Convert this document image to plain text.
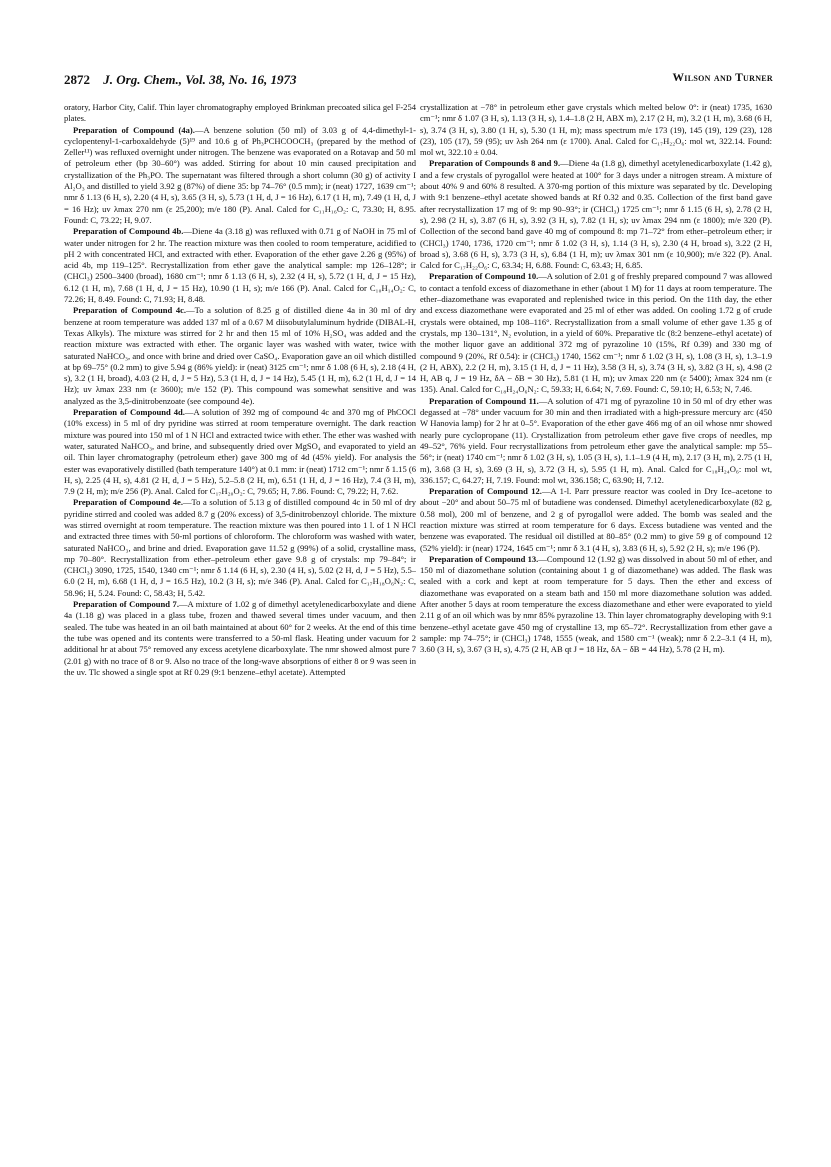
2872 J. Org. Chem., Vol. 38, No. 16, 1973	Wilson and Turner

oratory, Harbor City, Calif. Thin layer chromatography employed Brinkman precoated silica gel F-254 plates.

Preparation of Compound (4a).—A benzene solution (50 ml) of 3.03 g of 4,4-dimethyl-1-cyclopentenyl-1-carboxaldehyde (5)¹⁹ and 10.6 g of Ph₃PCHCOOCH₃ (prepared by the method of Zeller¹¹) was refluxed overnight under nitrogen. The benzene was evaporated on a Rotavap and 50 ml of petroleum ether (bp 30–60°) was added. Stirring for about 10 min caused precipitation and crystallization of the Ph₃PO. The supernatant was filtered through a short column (30 g) of activity I Al₂O₃ and distilled to yield 3.92 g (87%) of diene 35: bp 74–76° (0.5 mm); ir (neat) 1727, 1639 cm⁻¹; nmr δ 1.13 (6 H, s), 2.20 (4 H, s), 3.65 (3 H, s), 5.73 (1 H, d, J = 16 Hz), 6.17 (1 H, m), 7.49 (1 H, d, J = 16 Hz); uv λmax 270 nm (ε 25,200); m/e 180 (P). Anal. Calcd for C₁₁H₁₆O₂: C, 73.30; H, 8.95. Found: C, 73.22; H, 9.07.

Preparation of Compound 4b.—Diene 4a (3.18 g) was refluxed with 0.71 g of NaOH in 75 ml of water under nitrogen for 2 hr. The reaction mixture was then cooled to room temperature, acidified to pH 2 with concentrated HCl, and extracted with ether. Evaporation of the ether gave 2.26 g (95%) of acid 4b, mp 119–125°. Recrystallization from ether gave the analytical sample: mp 126–128°; ir (CHCl₃) 2500–3400 (broad), 1680 cm⁻¹; nmr δ 1.13 (6 H, s), 2.32 (4 H, s), 5.72 (1 H, d, J = 15 Hz), 6.12 (1 H, m), 7.68 (1 H, d, J = 15 Hz), 10.90 (1 H, s); m/e 166 (P). Anal. Calcd for C₁₀H₁₄O₂: C, 72.26; H, 8.49. Found: C, 71.93; H, 8.48.

Preparation of Compound 4c.—To a solution of 8.25 g of distilled diene 4a in 30 ml of dry benzene at room temperature was added 137 ml of a 0.67 M diisobutylaluminum hydride (DIBAL-H, Texas Alkyls). The mixture was stirred for 2 hr and then 15 ml of 10% H₂SO₄ was added and the reaction mixture was extracted with ether. The organic layer was washed with water, twice with saturated NaHCO₃, and once with brine and dried over CaSO₄. Evaporation gave an oil which distilled at bp 69–75° (0.2 mm) to give 5.94 g (86% yield): ir (neat) 3125 cm⁻¹; nmr δ 1.08 (6 H, s), 2.18 (4 H, s), 3.2 (1 H, broad), 4.03 (2 H, d, J = 5 Hz), 5.3 (1 H, d, J = 14 Hz), 5.45 (1 H, m), 6.2 (1 H, d, J = 14 Hz); uv λmax 233 nm (ε 3600); m/e 152 (P). This compound was somewhat sensitive and was analyzed as the 3,5-dinitrobenzoate (see compound 4e).

Preparation of Compound 4d.—A solution of 392 mg of compound 4c and 370 mg of PhCOCl (10% excess) in 5 ml of dry pyridine was stirred at room temperature overnight. The dark reaction mixture was poured into 150 ml of 1 N HCl and extracted twice with ether. The ether was washed with water, saturated NaHCO₃, and brine, and subsequently dried over MgSO₄ and evaporated to yield an oil. Thin layer chromatography (petroleum ether) gave 300 mg of 4d (45% yield). For analysis the ester was evaporatively distilled (bath temperature 140°) at 0.1 mm: ir (neat) 1712 cm⁻¹; nmr δ 1.15 (6 H, s), 2.25 (4 H, s), 4.81 (2 H, d, J = 5 Hz), 5.2–5.8 (2 H, m), 6.51 (1 H, d, J = 16 Hz), 7.4 (3 H, m), 7.9 (2 H, m); m/e 256 (P). Anal. Calcd for C₁₇H₂₀O₂: C, 79.65; H, 7.86. Found: C, 79.22; H, 7.62.

Preparation of Compound 4e.—To a solution of 5.13 g of distilled compound 4c in 50 ml of dry pyridine stirred and cooled was added 8.7 g (20% excess) of 3,5-dinitrobenzoyl chloride. The mixture was stirred overnight at room temperature. The reaction mixture was then poured into 1 l. of 1 N HCl and extracted three times with 50-ml portions of chloroform. The chloroform was washed with water, saturated NaHCO₃, and brine and dried. Evaporation gave 11.52 g (99%) of a solid, crystalline mass, mp 70–80°. Recrystallization from ether–petroleum ether gave 9.8 g of crystals: mp 79–84°; ir (CHCl₃) 3090, 1725, 1540, 1340 cm⁻¹; nmr δ 1.14 (6 H, s), 2.30 (4 H, s), 5.02 (2 H, d, J = 5 Hz), 5.5–6.0 (2 H, m), 6.68 (1 H, d, J = 16.5 Hz), 10.2 (3 H, s); m/e 346 (P). Anal. Calcd for C₁₇H₁₈O₆N₂: C, 58.96; H, 5.24. Found: C, 58.43; H, 5.42.

Preparation of Compound 7.—A mixture of 1.02 g of dimethyl acetylenedicarboxylate and diene 4a (1.18 g) was placed in a glass tube, frozen and thawed several times under vacuum, and then sealed. The tube was heated in an oil bath maintained at about 60° for 2 weeks. At the end of this time the tube was opened and its contents were transferred to a 50-ml flask. Heating under vacuum for 2 additional hr at about 75° removed any excess acetylene dicarboxylate. The nmr showed almost pure 7 (2.01 g) with no trace of 8 or 9. Also no trace of the long-wave absorptions of either 8 or 9 was seen in the uv. Tlc showed a single spot at Rf 0.29 (9:1 benzene–ethyl acetate). Attempted

crystallization at −78° in petroleum ether gave crystals which melted below 0°: ir (neat) 1735, 1630 cm⁻¹; nmr δ 1.07 (3 H, s), 1.13 (3 H, s), 1.4–1.8 (2 H, ABX m), 2.17 (2 H, m), 3.2 (1 H, m), 3.68 (6 H, s), 3.74 (3 H, s), 3.80 (1 H, s), 5.30 (1 H, m); mass spectrum m/e 173 (19), 145 (19), 129 (23), 128 (23), 105 (17), 59 (95); uv λsh 264 nm (ε 1700). Anal. Calcd for C₁₇H₂₂O₆: mol wt, 322.14. Found: mol wt, 322.10 ± 0.04.

Preparation of Compounds 8 and 9.—Diene 4a (1.8 g), dimethyl acetylenedicarboxylate (1.42 g), and a few crystals of pyrogallol were heated at 100° for 3 days under a nitrogen stream. A mixture of about 40% 9 and 60% 8 resulted. A 370-mg portion of this mixture was separated by tlc. Developing with 9:1 benzene–ethyl acetate showed bands at Rf 0.32 and 0.35. Collection of the first band gave after recrystallization 17 mg of 9: mp 90–93°; ir (CHCl₃) 1725 cm⁻¹; nmr δ 1.15 (6 H, s), 2.78 (2 H, s), 2.98 (2 H, s), 3.87 (6 H, s), 3.92 (3 H, s), 7.82 (1 H, s); uv λmax 294 nm (ε 1800); m/e 320 (P). Collection of the second band gave 40 mg of compound 8: mp 71–72° from ether–petroleum ether; ir (CHCl₃) 1740, 1736, 1720 cm⁻¹; nmr δ 1.02 (3 H, s), 1.14 (3 H, s), 2.30 (4 H, broad s), 3.22 (2 H, broad s), 3.68 (6 H, s), 3.73 (3 H, s), 6.84 (1 H, m); uv λmax 301 nm (ε 10,900); m/e 322 (P). Anal. Calcd for C₁₇H₂₂O₆: C, 63.34; H, 6.88. Found: C, 63.43; H, 6.85.

Preparation of Compound 10.—A solution of 2.01 g of freshly prepared compound 7 was allowed to contact a tenfold excess of diazomethane in ether (about 1 M) for 11 days at room temperature. The ether–diazomethane was evaporated and replenished twice in this period. On the 11th day, the ether and excess diazomethane were evaporated and 25 ml of ether was added. On cooling 1.72 g of crude crystals were obtained, mp 108–116°. Recrystallization from a small volume of ether gave 1.35 g of crystals, mp 130–131°, N₂ evolution, in a yield of 60%. Preparative tlc (8:2 benzene–ethyl acetate) of the mother liquor gave an additional 372 mg of pyrazoline 10 (15%, Rf 0.39) and 330 mg of compound 9 (20%, Rf 0.54): ir (CHCl₃) 1740, 1562 cm⁻¹; nmr δ 1.02 (3 H, s), 1.08 (3 H, s), 1.3–1.9 (2 H, ABX), 2.2 (2 H, m), 3.15 (1 H, d, J = 11 Hz), 3.58 (3 H, s), 3.74 (3 H, s), 3.82 (3 H, s), 4.98 (2 H, AB q, J = 19 Hz, δA − δB = 30 Hz), 5.81 (1 H, m); uv λmax 220 nm (ε 5400); λmax 324 nm (ε 135). Anal. Calcd for C₁₈H₂₄O₆N₂: C, 59.33; H, 6.64; N, 7.69. Found: C, 59.10; H, 6.53; N, 7.46.

Preparation of Compound 11.—A solution of 471 mg of pyrazoline 10 in 50 ml of dry ether was degassed at −78° under vacuum for 30 min and then irradiated with a high-pressure mercury arc (450 W Hanovia lamp) for 2 hr at 0–5°. Evaporation of the ether gave 466 mg of an oil whose nmr showed nearly pure cyclopropane (11). Crystallization from petroleum ether gave five crops of needles, mp 49–52°, 76% yield. Four recrystallizations from petroleum ether gave the analytical sample: mp 55–56°; ir (neat) 1740 cm⁻¹; nmr δ 1.02 (3 H, s), 1.05 (3 H, s), 1.1–1.9 (4 H, m), 2.17 (3 H, m), 2.75 (1 H, m), 3.68 (3 H, s), 3.69 (3 H, s), 3.72 (3 H, s), 5.95 (1 H, m). Anal. Calcd for C₁₈H₂₄O₆: mol wt, 336.157; C, 64.27; H, 7.19. Found: mol wt, 336.158; C, 63.90; H, 7.12.

Preparation of Compound 12.—A 1-l. Parr pressure reactor was cooled in Dry Ice–acetone to about −20° and about 50–75 ml of butadiene was condensed. Dimethyl acetylenedicarboxylate (82 g, 0.58 mol), 200 ml of benzene, and 2 g of pyrogallol were added. The bomb was sealed and the reaction mixture was stirred at room temperature for 6 days. Excess butadiene was vented and the benzene was evaporated. The residual oil distilled at 80–85° (0.2 mm) to give 59 g of compound 12 (52% yield): ir (near) 1724, 1645 cm⁻¹; nmr δ 3.1 (4 H, s), 3.83 (6 H, s), 5.92 (2 H, s); m/e 196 (P).

Preparation of Compound 13.—Compound 12 (1.92 g) was dissolved in about 50 ml of ether, and 150 ml of diazomethane solution (containing about 1 g of diazomethane) was added. The flask was sealed with a cork and kept at room temperature for 5 days. Then the ether and excess of diazomethane was evaporated on a steam bath and 150 ml more diazomethane solution was added. After another 5 days at room temperature the excess diazomethane and ether were evaporated to yield 2.11 g of an oil which was by nmr 85% pyrazoline 13. Thin layer chromatography developing with 9:1 benzene–ethyl acetate gave 450 mg of crystalline 13, mp 65–72°. Recrystallization from ether gave a sample: mp 74–75°; ir (CHCl₃) 1748, 1555 (weak, and 1580 cm⁻¹ (weak); nmr δ 2.2–3.1 (4 H, m), 3.60 (3 H, s), 3.67 (3 H, s), 4.75 (2 H, AB qt J = 18 Hz, δA − δB = 44 Hz), 5.78 (2 H, m).
